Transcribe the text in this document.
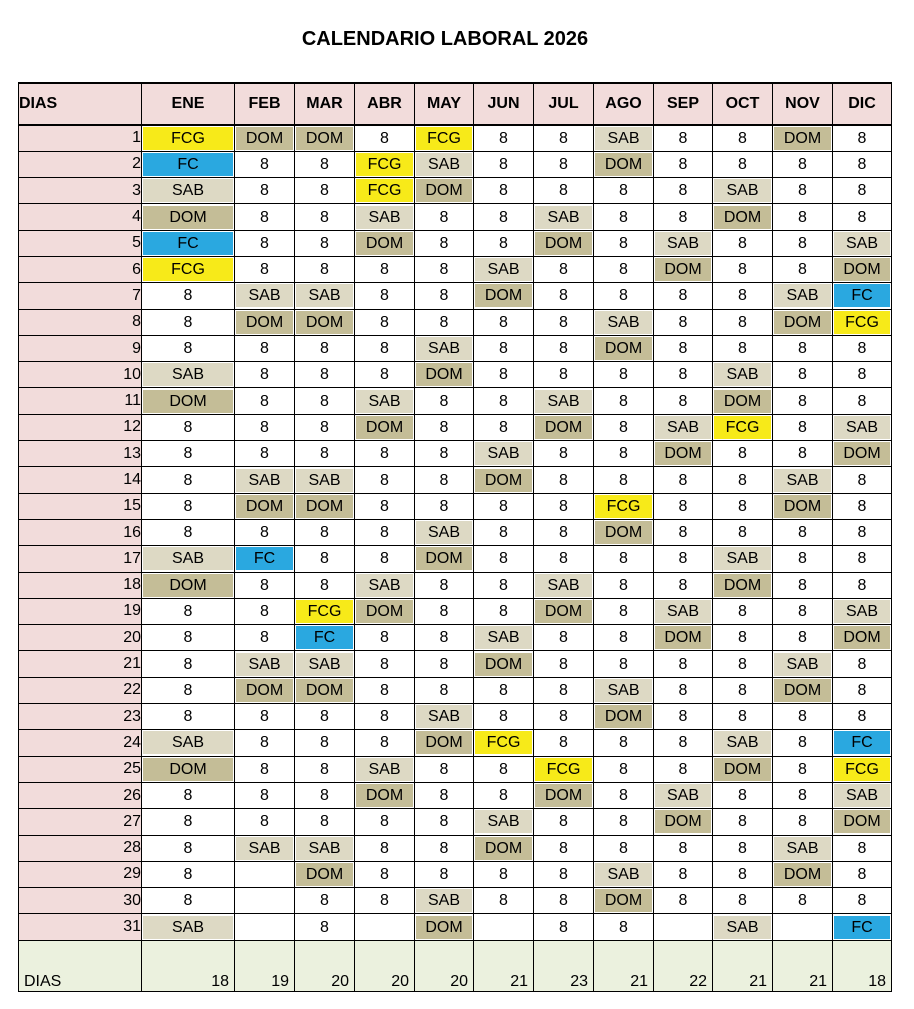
CALENDARIO LABORAL 2026
DIAS	ENE	FEB	MAR	ABR	MAY	JUN	JUL	AGO	SEP	OCT	NOV	DIC
1	FCG	DOM	DOM	8	FCG	8	8	SAB	8	8	DOM	8

2	FC	8	8	FCG	SAB	8	8	DOM	8	8	8	8

3	SAB	8	8	FCG	DOM	8	8	8	8	SAB	8	8

4	DOM	8	8	SAB	8	8	SAB	8	8	DOM	8	8

5	FC	8	8	DOM	8	8	DOM	8	SAB	8	8	SAB

6	FCG	8	8	8	8	SAB	8	8	DOM	8	8	DOM

7	8	SAB	SAB	8	8	DOM	8	8	8	8	SAB	FC

8	8	DOM	DOM	8	8	8	8	SAB	8	8	DOM	FCG

9	8	8	8	8	SAB	8	8	DOM	8	8	8	8

10	SAB	8	8	8	DOM	8	8	8	8	SAB	8	8

11	DOM	8	8	SAB	8	8	SAB	8	8	DOM	8	8

12	8	8	8	DOM	8	8	DOM	8	SAB	FCG	8	SAB

13	8	8	8	8	8	SAB	8	8	DOM	8	8	DOM

14	8	SAB	SAB	8	8	DOM	8	8	8	8	SAB	8

15	8	DOM	DOM	8	8	8	8	FCG	8	8	DOM	8

16	8	8	8	8	SAB	8	8	DOM	8	8	8	8

17	SAB	FC	8	8	DOM	8	8	8	8	SAB	8	8

18	DOM	8	8	SAB	8	8	SAB	8	8	DOM	8	8

19	8	8	FCG	DOM	8	8	DOM	8	SAB	8	8	SAB

20	8	8	FC	8	8	SAB	8	8	DOM	8	8	DOM

21	8	SAB	SAB	8	8	DOM	8	8	8	8	SAB	8

22	8	DOM	DOM	8	8	8	8	SAB	8	8	DOM	8

23	8	8	8	8	SAB	8	8	DOM	8	8	8	8

24	SAB	8	8	8	DOM	FCG	8	8	8	SAB	8	FC

25	DOM	8	8	SAB	8	8	FCG	8	8	DOM	8	FCG

26	8	8	8	DOM	8	8	DOM	8	SAB	8	8	SAB

27	8	8	8	8	8	SAB	8	8	DOM	8	8	DOM

28	8	SAB	SAB	8	8	DOM	8	8	8	8	SAB	8

29	8		DOM	8	8	8	8	SAB	8	8	DOM	8

30	8		8	8	SAB	8	8	DOM	8	8	8	8

31	SAB		8		DOM		8	8		SAB		FC

DIAS	18	19	20	20	20	21	23	21	22	21	21	18
